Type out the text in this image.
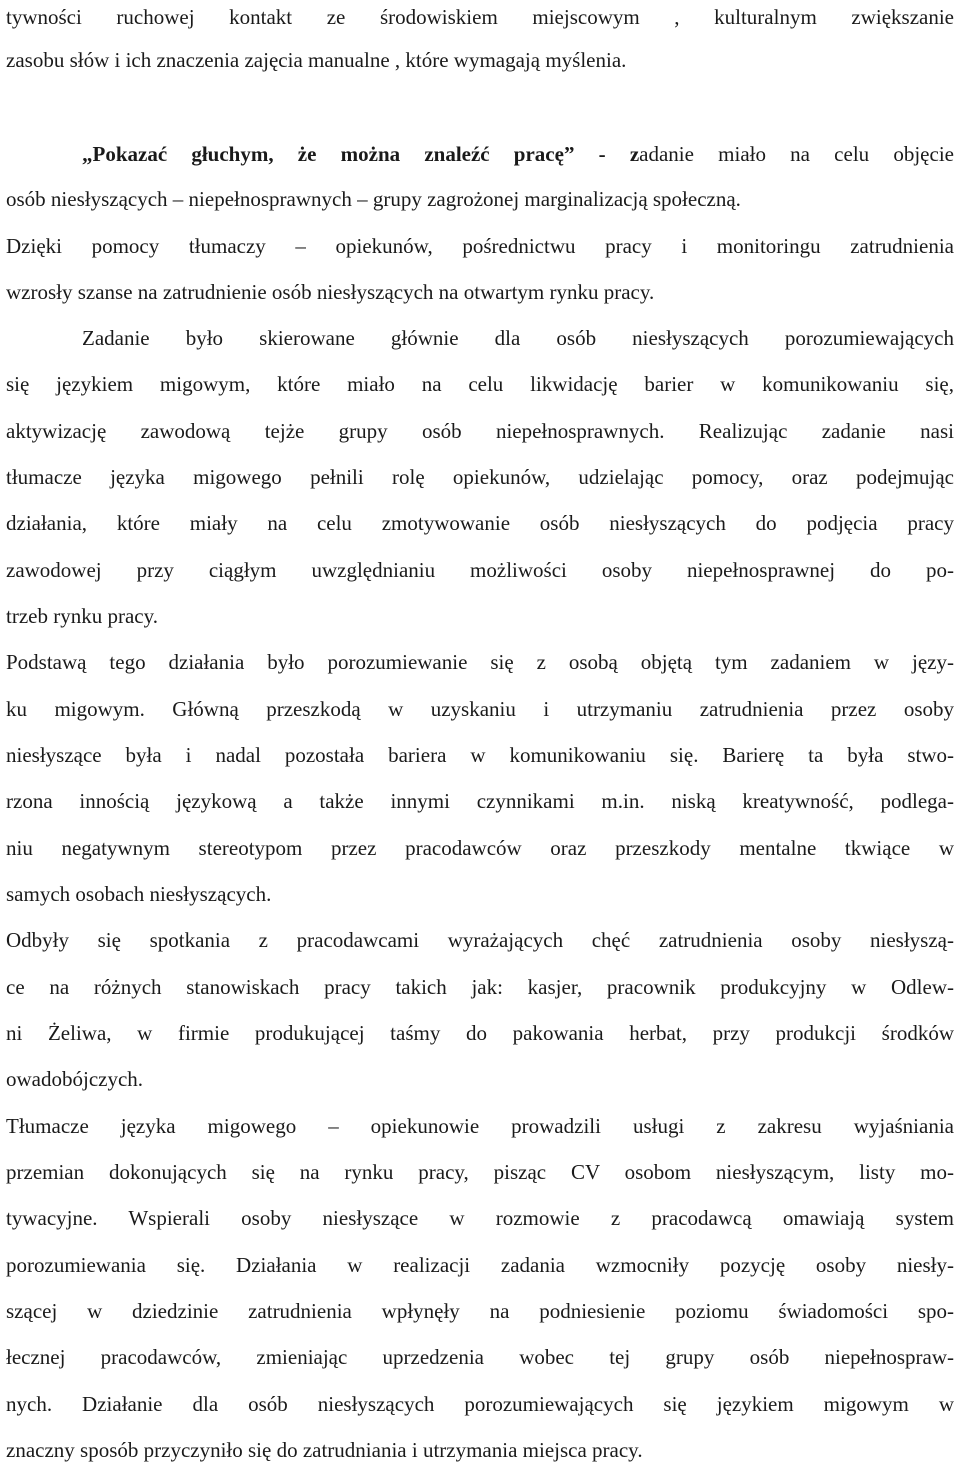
tywności ruchowej kontakt ze środowiskiem miejscowym , kulturalnym zwiększanie
zasobu słów i ich znaczenia zajęcia manualne , które wymagają myślenia.
„Pokazać głuchym, że można znaleźć pracę” - zadanie miało na celu objęcie
osób niesłyszących – niepełnosprawnych – grupy zagrożonej marginalizacją społeczną.
Dzięki pomocy tłumaczy – opiekunów, pośrednictwu pracy i monitoringu zatrudnienia
wzrosły szanse na zatrudnienie osób niesłyszących na otwartym rynku pracy.
Zadanie było skierowane głównie dla osób niesłyszących porozumiewających
się językiem migowym, które miało na celu likwidację barier w komunikowaniu się,
aktywizację zawodową tejże grupy osób niepełnosprawnych. Realizując zadanie nasi
tłumacze języka migowego pełnili rolę opiekunów, udzielając pomocy, oraz podejmując
działania, które miały na celu zmotywowanie osób niesłyszących do podjęcia pracy
zawodowej przy ciągłym uwzględnianiu możliwości osoby niepełnosprawnej do po-
trzeb rynku pracy.
Podstawą tego działania było porozumiewanie się z osobą objętą tym zadaniem w języ-
ku migowym. Główną przeszkodą w uzyskaniu i utrzymaniu zatrudnienia przez osoby
niesłyszące była i nadal pozostała bariera w komunikowaniu się. Barierę ta była stwo-
rzona innością językową a także innymi czynnikami m.in. niską kreatywność, podlega-
niu negatywnym stereotypom przez pracodawców oraz przeszkody mentalne tkwiące w
samych osobach niesłyszących.
Odbyły się spotkania z pracodawcami wyrażających chęć zatrudnienia osoby niesłyszą-
ce na różnych stanowiskach pracy takich jak: kasjer, pracownik produkcyjny w Odlew-
ni Żeliwa, w firmie produkującej taśmy do pakowania herbat, przy produkcji środków
owadobójczych.
Tłumacze języka migowego – opiekunowie prowadzili usługi z zakresu wyjaśniania
przemian dokonujących się na rynku pracy, pisząc CV osobom niesłyszącym, listy mo-
tywacyjne. Wspierali osoby niesłyszące w rozmowie z pracodawcą omawiają system
porozumiewania się. Działania w realizacji zadania wzmocniły pozycję osoby niesły-
szącej w dziedzinie zatrudnienia wpłynęły na podniesienie poziomu świadomości spo-
łecznej pracodawców, zmieniając uprzedzenia wobec tej grupy osób niepełnospraw-
nych. Działanie dla osób niesłyszących porozumiewających się językiem migowym w
znaczny sposób przyczyniło się do zatrudniania i utrzymania miejsca pracy.
